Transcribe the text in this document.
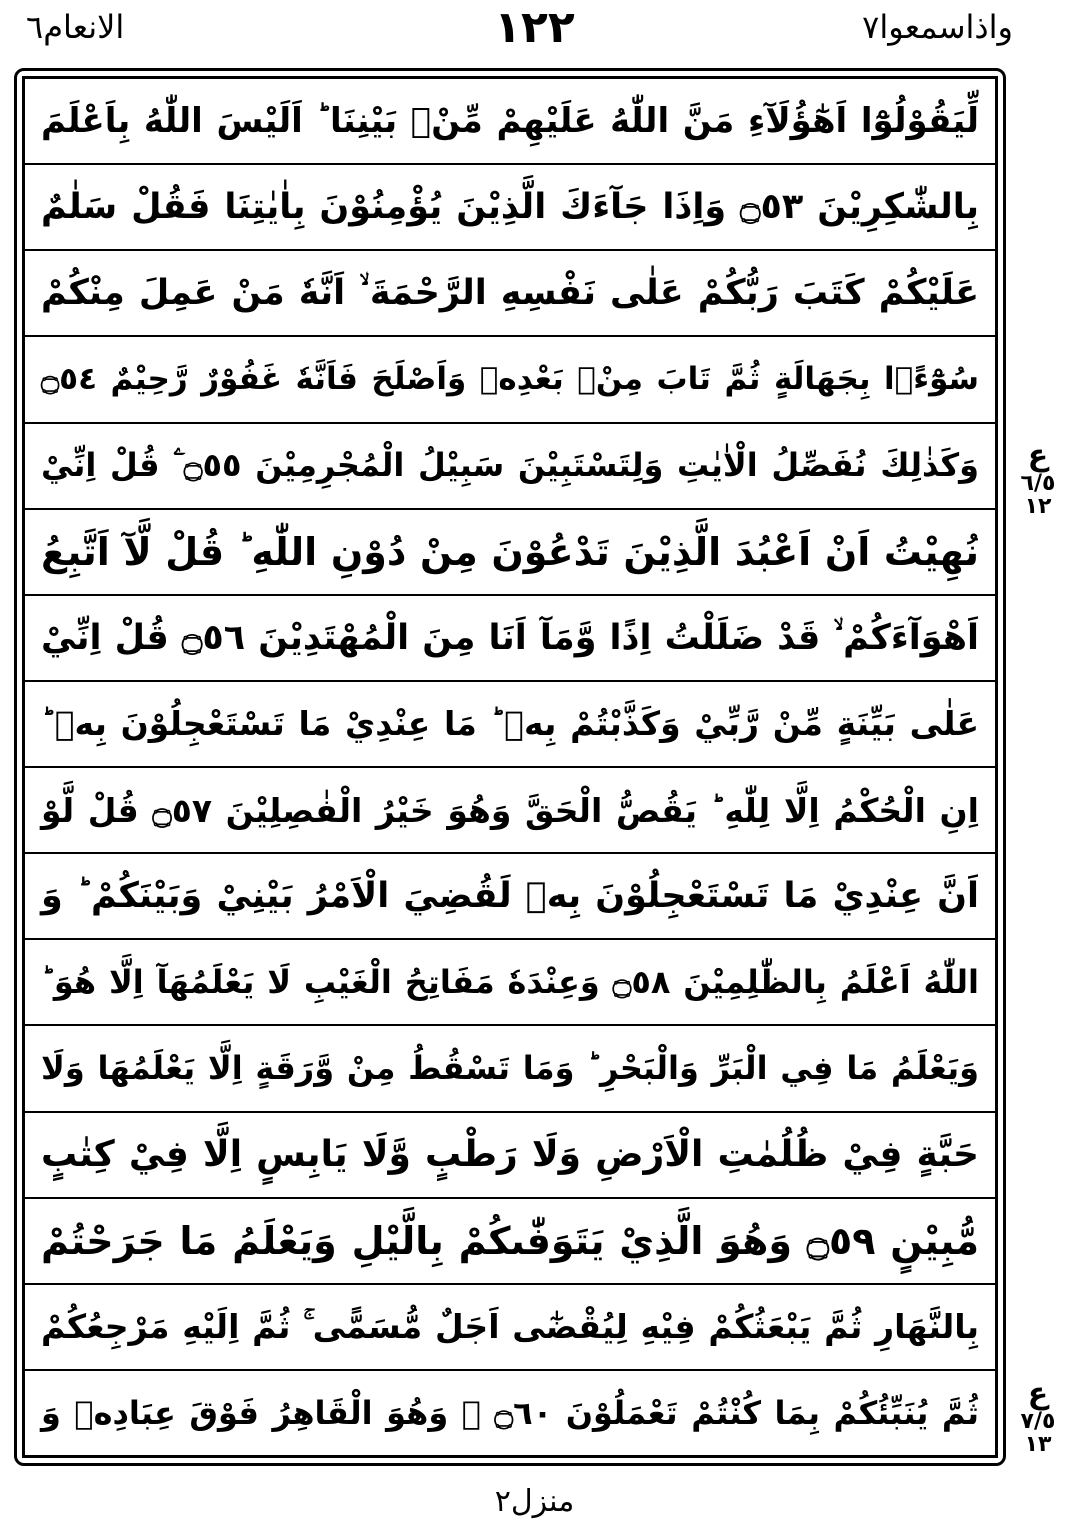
الانعام٦	١٢٢	واذاسمعوا٧
لِّيَقُوْلُوْٓا اَهٰٓؤُلَآءِ مَنَّ اللّٰهُ عَلَيْهِمْ مِّنْۢ بَيْنِنَا ؕ اَلَيْسَ اللّٰهُ بِاَعْلَمَ
بِالشّٰكِرِيْنَ ۝٥٣ وَاِذَا جَآءَكَ الَّذِيْنَ يُؤْمِنُوْنَ بِاٰيٰتِنَا فَقُلْ سَلٰمٌ
عَلَيْكُمْ كَتَبَ رَبُّكُمْ عَلٰى نَفْسِهِ الرَّحْمَةَ ۙ اَنَّهٗ مَنْ عَمِلَ مِنْكُمْ
سُوْٓءًۢا بِجَهَالَةٍ ثُمَّ تَابَ مِنْۢ بَعْدِهٖ وَاَصْلَحَ فَاَنَّهٗ غَفُوْرٌ رَّحِيْمٌ ۝٥٤
وَكَذٰلِكَ نُفَصِّلُ الْاٰيٰتِ وَلِتَسْتَبِيْنَ سَبِيْلُ الْمُجْرِمِيْنَ ۝٥٥ ۧ قُلْ اِنِّيْ
نُهِيْتُ اَنْ اَعْبُدَ الَّذِيْنَ تَدْعُوْنَ مِنْ دُوْنِ اللّٰهِ ؕ قُلْ لَّآ اَتَّبِعُ
اَهْوَآءَكُمْ ۙ قَدْ ضَلَلْتُ اِذًا وَّمَآ اَنَا مِنَ الْمُهْتَدِيْنَ ۝٥٦ قُلْ اِنِّيْ
عَلٰى بَيِّنَةٍ مِّنْ رَّبِّيْ وَكَذَّبْتُمْ بِهٖ ؕ مَا عِنْدِيْ مَا تَسْتَعْجِلُوْنَ بِهٖ ؕ
اِنِ الْحُكْمُ اِلَّا لِلّٰهِ ؕ يَقُصُّ الْحَقَّ وَهُوَ خَيْرُ الْفٰصِلِيْنَ ۝٥٧ قُلْ لَّوْ
اَنَّ عِنْدِيْ مَا تَسْتَعْجِلُوْنَ بِهٖ لَقُضِيَ الْاَمْرُ بَيْنِيْ وَبَيْنَكُمْ ؕ وَ
اللّٰهُ اَعْلَمُ بِالظّٰلِمِيْنَ ۝٥٨ وَعِنْدَهٗ مَفَاتِحُ الْغَيْبِ لَا يَعْلَمُهَآ اِلَّا هُوَ ؕ
وَيَعْلَمُ مَا فِي الْبَرِّ وَالْبَحْرِ ؕ وَمَا تَسْقُطُ مِنْ وَّرَقَةٍ اِلَّا يَعْلَمُهَا وَلَا
حَبَّةٍ فِيْ ظُلُمٰتِ الْاَرْضِ وَلَا رَطْبٍ وَّلَا يَابِسٍ اِلَّا فِيْ كِتٰبٍ
مُّبِيْنٍ ۝٥٩ وَهُوَ الَّذِيْ يَتَوَفّٰىكُمْ بِالَّيْلِ وَيَعْلَمُ مَا جَرَحْتُمْ
بِالنَّهَارِ ثُمَّ يَبْعَثُكُمْ فِيْهِ لِيُقْضٰٓى اَجَلٌ مُّسَمًّى ۚ ثُمَّ اِلَيْهِ مَرْجِعُكُمْ
ثُمَّ يُنَبِّئُكُمْ بِمَا كُنْتُمْ تَعْمَلُوْنَ ۝٦٠ ۧ وَهُوَ الْقَاهِرُ فَوْقَ عِبَادِهٖ وَ
ع
٦/٥
١٢
ع
٧/٥
١٣
منزل٢
